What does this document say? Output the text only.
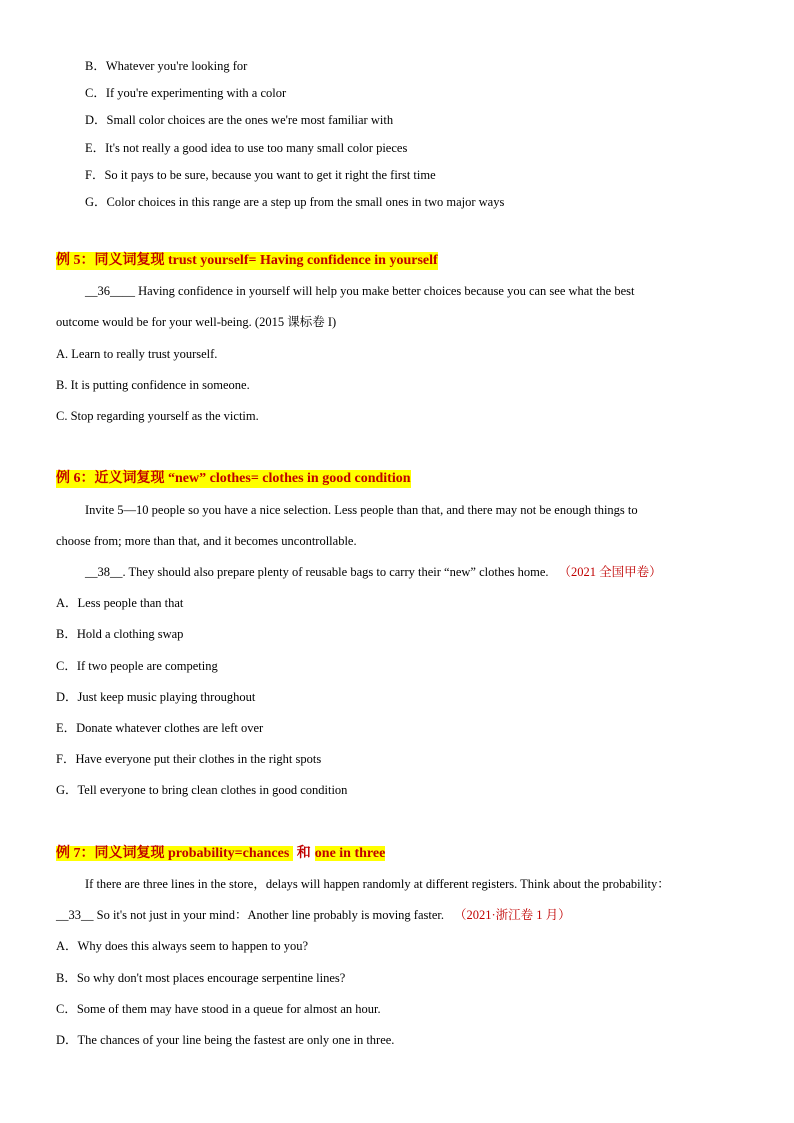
B．Whatever you're looking for
C．If you're experimenting with a color
D．Small color choices are the ones we're most familiar with
E．It's not really a good idea to use too many small color pieces
F．So it pays to be sure, because you want to get it right the first time
G．Color choices in this range are a step up from the small ones in two major ways
例 5：同义词复现 trust yourself= Having confidence in yourself
__36____ Having confidence in yourself will help you make better choices because you can see what the best
outcome would be for your well-being. (2015 课标卷 I)
A. Learn to really trust yourself.
B. It is putting confidence in someone.
C. Stop regarding yourself as the victim.
例 6：近义词复现 “new” clothes= clothes in good condition
Invite 5—10 people so you have a nice selection. Less people than that, and there may not be enough things to
choose from; more than that, and it becomes uncontrollable.
__38__. They should also prepare plenty of reusable bags to carry their “new” clothes home. （2021 全国甲卷）
A．Less people than that
B．Hold a clothing swap
C．If two people are competing
D．Just keep music playing throughout
E．Donate whatever clothes are left over
F．Have everyone put their clothes in the right spots
G．Tell everyone to bring clean clothes in good condition
例 7：同义词复现 probability=chances 和 one in three
If there are three lines in the store，delays will happen randomly at different registers. Think about the probability：
__33__ So it's not just in your mind：Another line probably is moving faster. （2021·浙江卷 1 月）
A．Why does this always seem to happen to you?
B．So why don't most places encourage serpentine lines?
C．Some of them may have stood in a queue for almost an hour.
D．The chances of your line being the fastest are only one in three.
